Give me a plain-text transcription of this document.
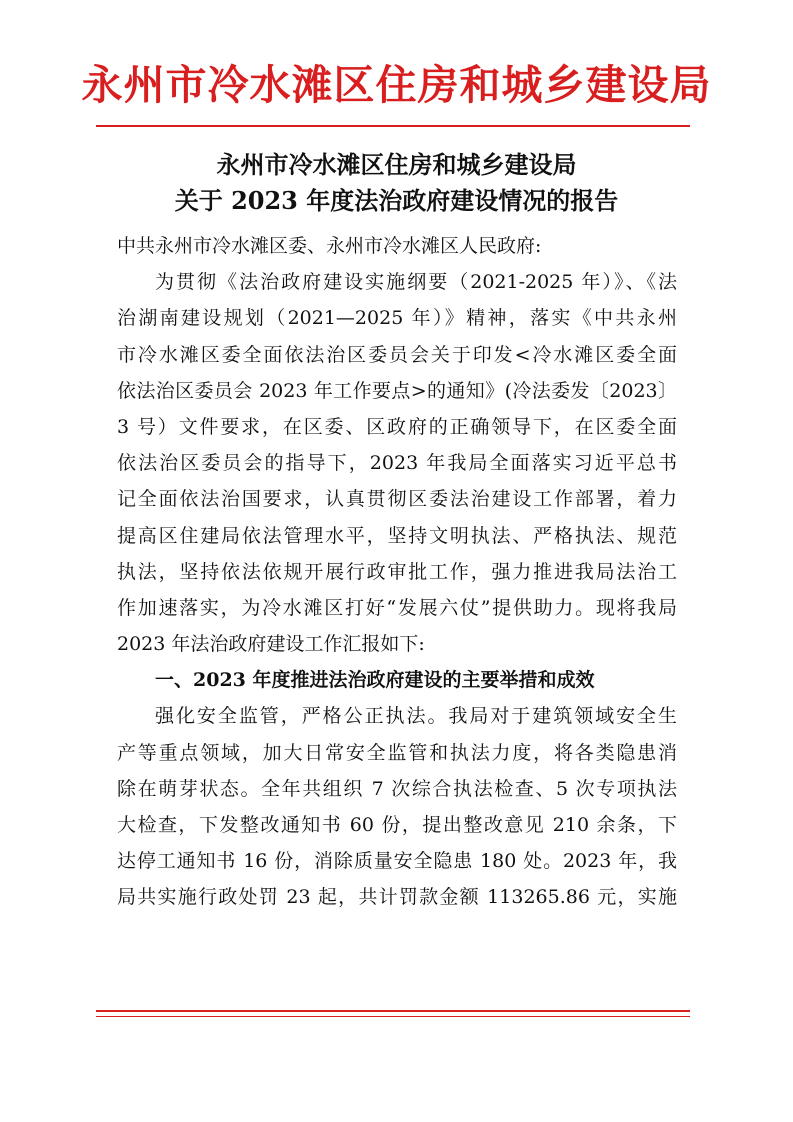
永州市冷水滩区住房和城乡建设局
永州市冷水滩区住房和城乡建设局
关于 2023 年度法治政府建设情况的报告

中共永州市冷水滩区委、永州市冷水滩区人民政府:

为贯彻《法治政府建设实施纲要（2021-2025 年）》、《法
治湖南建设规划（2021—2025 年）》精神，落实《中共永州
市冷水滩区委全面依法治区委员会关于印发<冷水滩区委全面
依法治区委员会 2023 年工作要点>的通知》(冷法委发〔2023〕
3 号）文件要求，在区委、区政府的正确领导下，在区委全面
依法治区委员会的指导下，2023 年我局全面落实习近平总书
记全面依法治国要求，认真贯彻区委法治建设工作部署，着力
提高区住建局依法管理水平，坚持文明执法、严格执法、规范
执法，坚持依法依规开展行政审批工作，强力推进我局法治工
作加速落实，为冷水滩区打好“发展六仗”提供助力。现将我局
2023 年法治政府建设工作汇报如下:

一、2023 年度推进法治政府建设的主要举措和成效

强化安全监管，严格公正执法。我局对于建筑领域安全生
产等重点领域，加大日常安全监管和执法力度，将各类隐患消
除在萌芽状态。全年共组织 7 次综合执法检查、5 次专项执法
大检查，下发整改通知书 60 份，提出整改意见 210 余条，下
达停工通知书 16 份，消除质量安全隐患 180 处。2023 年，我
局共实施行政处罚 23 起，共计罚款金额 113265.86 元，实施
